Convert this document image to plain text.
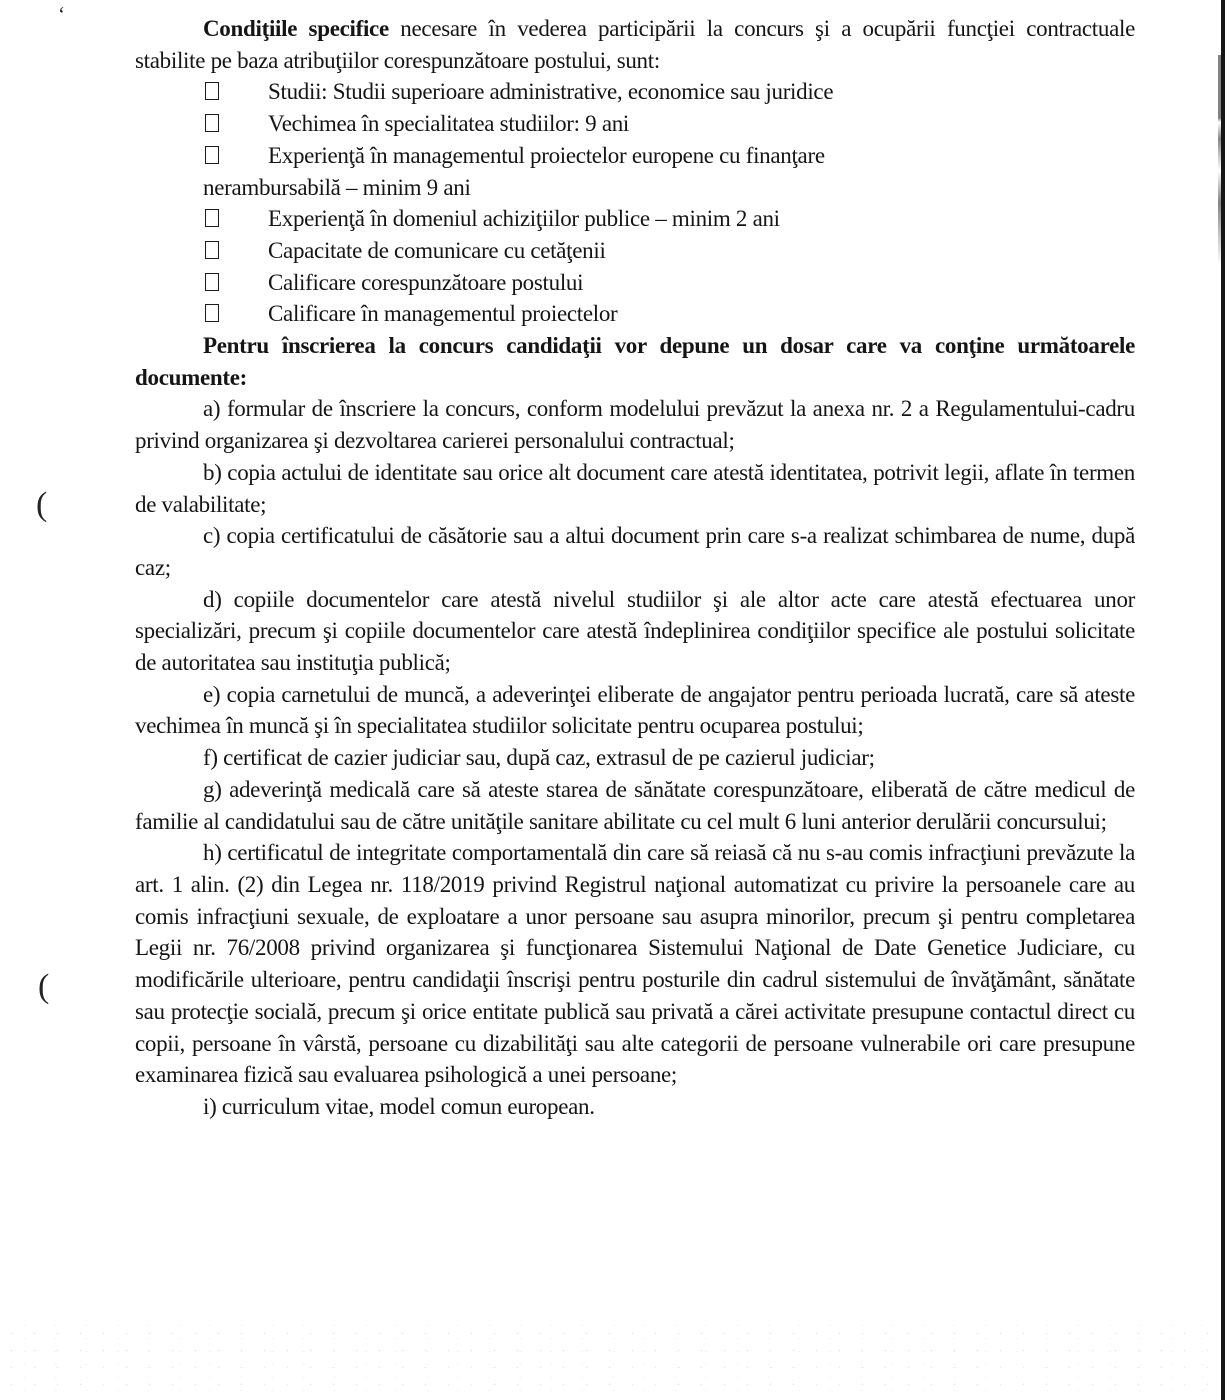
‘
(
(

Condiţiile specifice necesare în vederea participării la concurs şi a ocupării funcţiei contractuale stabilite pe baza atribuţiilor corespunzătoare postului, sunt:

Studii: Studii superioare administrative, economice sau juridice
Vechimea în specialitatea studiilor: 9 ani
Experienţă în managementul proiectelor europene cu finanţare
nerambursabilă – minim 9 ani
Experienţă în domeniul achiziţiilor publice – minim 2 ani
Capacitate de comunicare cu cetăţenii
Calificare corespunzătoare postului
Calificare în managementul proiectelor

Pentru înscrierea la concurs candidaţii vor depune un dosar care va conţine următoarele documente:

a) formular de înscriere la concurs, conform modelului prevăzut la anexa nr. 2 a Regulamentului-cadru privind organizarea şi dezvoltarea carierei personalului contractual;

b) copia actului de identitate sau orice alt document care atestă identitatea, potrivit legii, aflate în termen de valabilitate;

c) copia certificatului de căsătorie sau a altui document prin care s-a realizat schimbarea de nume, după caz;

d) copiile documentelor care atestă nivelul studiilor şi ale altor acte care atestă efectuarea unor specializări, precum şi copiile documentelor care atestă îndeplinirea condiţiilor specifice ale postului solicitate de autoritatea sau instituţia publică;

e) copia carnetului de muncă, a adeverinţei eliberate de angajator pentru perioada lucrată, care să ateste vechimea în muncă şi în specialitatea studiilor solicitate pentru ocuparea postului;

f) certificat de cazier judiciar sau, după caz, extrasul de pe cazierul judiciar;

g) adeverinţă medicală care să ateste starea de sănătate corespunzătoare, eliberată de către medicul de familie al candidatului sau de către unităţile sanitare abilitate cu cel mult 6 luni anterior derulării concursului;

h) certificatul de integritate comportamentală din care să reiasă că nu s-au comis infracţiuni prevăzute la art. 1 alin. (2) din Legea nr. 118/2019 privind Registrul naţional automatizat cu privire la persoanele care au comis infracţiuni sexuale, de exploatare a unor persoane sau asupra minorilor, precum şi pentru completarea Legii nr. 76/2008 privind organizarea şi funcţionarea Sistemului Naţional de Date Genetice Judiciare, cu modificările ulterioare, pentru candidaţii înscrişi pentru posturile din cadrul sistemului de învăţământ, sănătate sau protecţie socială, precum şi orice entitate publică sau privată a cărei activitate presupune contactul direct cu copii, persoane în vârstă, persoane cu dizabilităţi sau alte categorii de persoane vulnerabile ori care presupune examinarea fizică sau evaluarea psihologică a unei persoane;

i) curriculum vitae, model comun european.
